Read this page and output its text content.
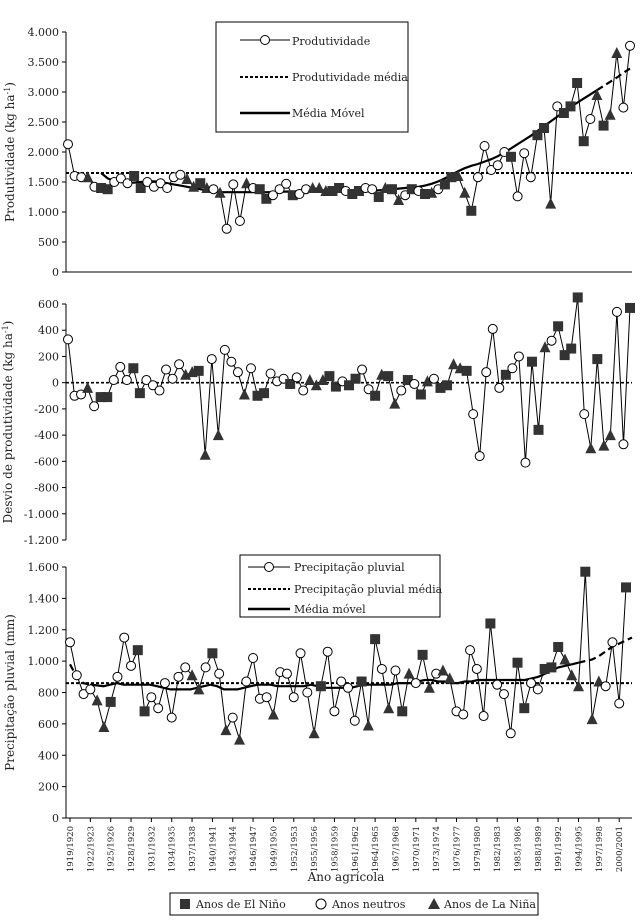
0
500
1.000
1.500
2.000
2.500
3.000
3.500
4.000
Produtividade (kg $ha^{-1}$)
-1.200
-1.000
-800
-600
-400
-200
0
200
400
600
Desvio de produtividade (kg $ha^{-1}$)
0
200
400
600
800
1.000
1.200
1.400
1.600
Precipitação pluvial (mm)
1919/1920 1922/1923 1925/1926 1928/1929 1931/1932 1934/1935 1937/1938 1940/1941 1943/1944 1946/1947 1949/1950 1952/1953 1955/1956 1958/1959 1961/1962 1964/1965 1967/1968 1970/1971 1973/1974 1976/1977 1979/1980 1982/1983 1985/1986 1988/1989 1991/1992 1994/1995 1997/1998 2000/2001
Produtividade
Produtividade média
Média Móvel
Precipitação pluvial
Precipitação pluvial média
Média móvel
Anos de El Niño	Anos neutros	Anos de La Niña
Ano agrícola
